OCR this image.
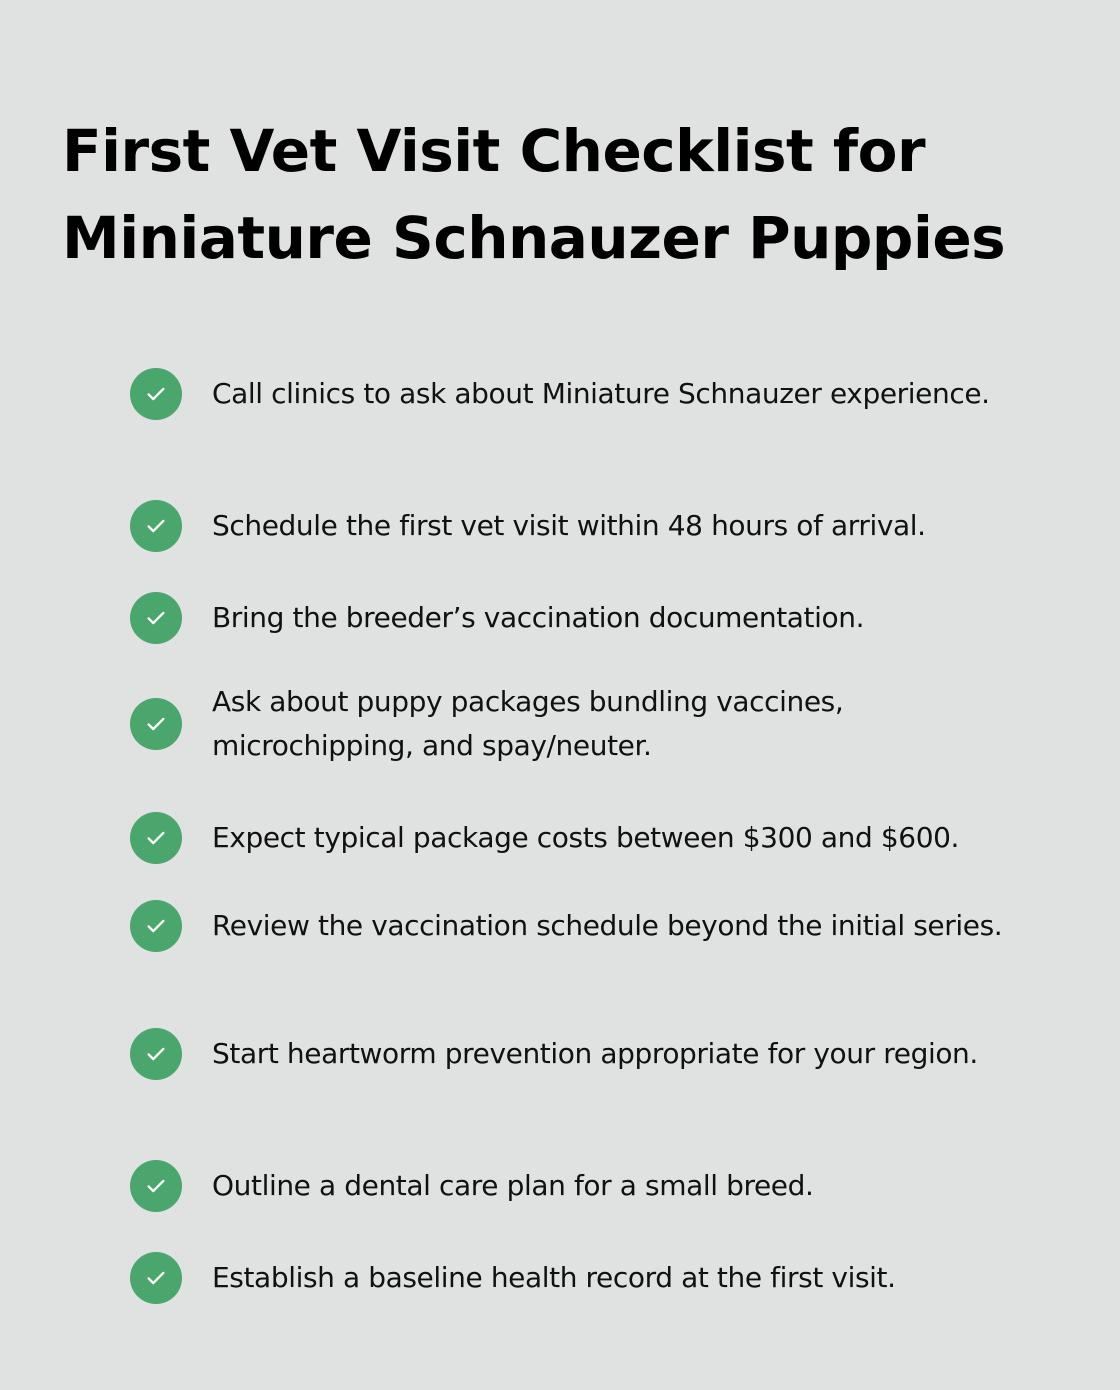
First Vet Visit Checklist for
Miniature Schnauzer Puppies
Call clinics to ask about Miniature Schnauzer experience.
Schedule the first vet visit within 48 hours of arrival.
Bring the breeder’s vaccination documentation.
Ask about puppy packages bundling vaccines, microchipping, and spay/neuter.
Expect typical package costs between $300 and $600.
Review the vaccination schedule beyond the initial series.
Start heartworm prevention appropriate for your region.
Outline a dental care plan for a small breed.
Establish a baseline health record at the first visit.
